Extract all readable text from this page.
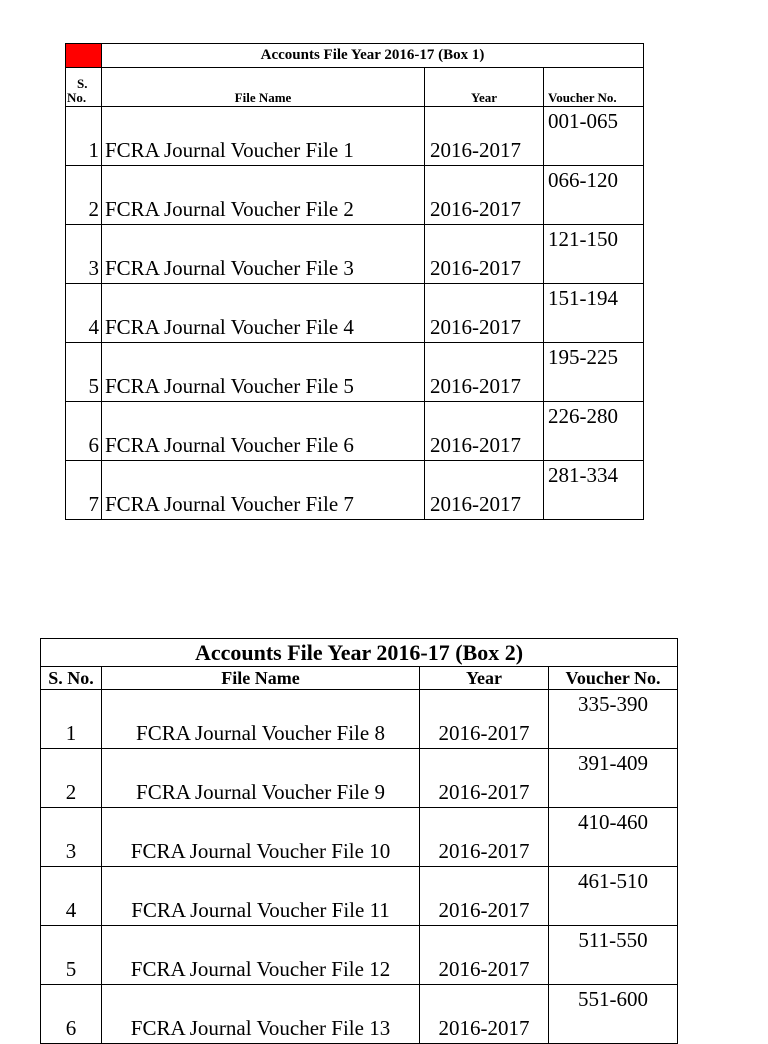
	Accounts File Year 2016-17 (Box 1)		
S.
No.	File Name	Year	Voucher No.
1	FCRA Journal Voucher File 1	2016-2017	001-065
2	FCRA Journal Voucher File 2	2016-2017	066-120
3	FCRA Journal Voucher File 3	2016-2017	121-150
4	FCRA Journal Voucher File 4	2016-2017	151-194
5	FCRA Journal Voucher File 5	2016-2017	195-225
6	FCRA Journal Voucher File 6	2016-2017	226-280
7	FCRA Journal Voucher File 7	2016-2017	281-334
Accounts File Year 2016-17 (Box 2)			
S. No.	File Name	Year	Voucher No.
1	FCRA Journal Voucher File 8	2016-2017	335-390
2	FCRA Journal Voucher File 9	2016-2017	391-409
3	FCRA Journal Voucher File 10	2016-2017	410-460
4	FCRA Journal Voucher File 11	2016-2017	461-510
5	FCRA Journal Voucher File 12	2016-2017	511-550
6	FCRA Journal Voucher File 13	2016-2017	551-600
